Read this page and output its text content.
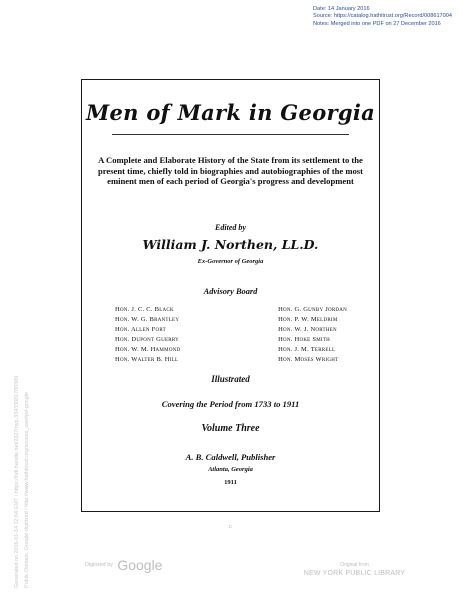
Date: 14 January 2016
Source: https://catalog.hathitrust.org/Record/008617004
Notes: Merged into one PDF on 27 December 2016
Generated on 2016-01-14 12:04 GMT / https://hdl.handle.net/2027/nyp.33433081780389 Public Domain, Google-digitized / http://www.hathitrust.org/access_use#pd-google
Men of Mark in Georgia
A Complete and Elaborate History of the State from its settlement to the present time, chiefly told in biographies and autobiographies of the most eminent men of each period of Georgia's progress and development
Edited by
William J. Northen, LL.D.
Ex-Governor of Georgia
Advisory Board
Hon. J. C. C. Black
Hon. W. G. Brantley
Hon. Allen Fort
Hon. Dupont Guerry
Hon. W. M. Hammond
Hon. Walter B. Hill
Hon. G. Gunby Jordan
Hon. P. W. Meldrim
Hon. W. J. Northen
Hon. Hoke Smith
Hon. J. M. Terrell
Hon. Moses Wright
Illustrated
Covering the Period from 1733 to 1911
Volume Three
A. B. Caldwell, Publisher
Atlanta, Georgia
1911
C
Digitized by Google	Original from
NEW YORK PUBLIC LIBRARY
